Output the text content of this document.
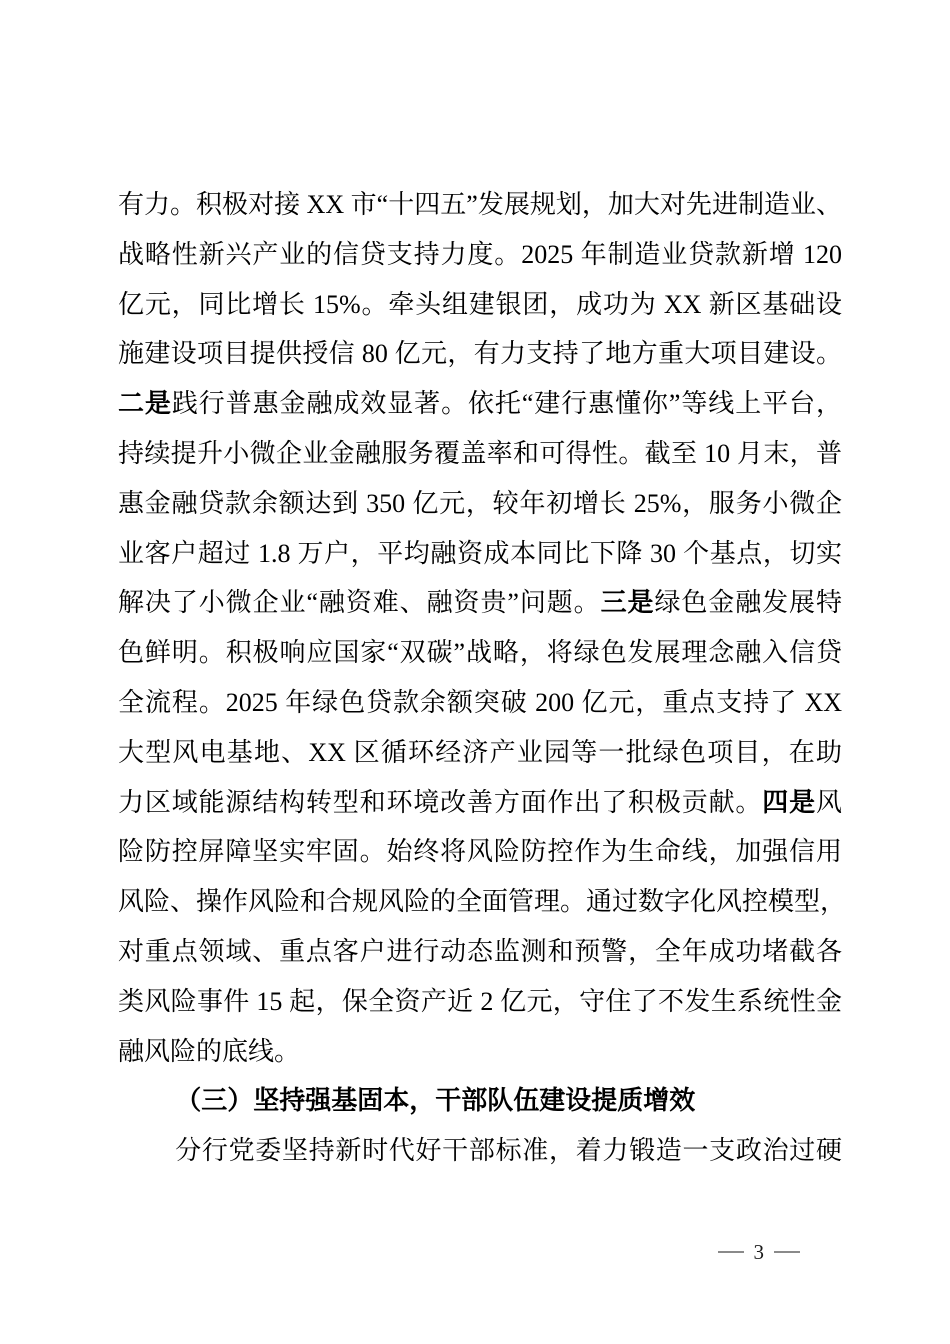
有力。积极对接 XX 市“十四五”发展规划，加大对先进制造业、
战略性新兴产业的信贷支持力度。2025 年制造业贷款新增 120
亿元，同比增长 15%。牵头组建银团，成功为 XX 新区基础设
施建设项目提供授信 80 亿元，有力支持了地方重大项目建设。
二是践行普惠金融成效显著。依托“建行惠懂你”等线上平台，
持续提升小微企业金融服务覆盖率和可得性。截至 10 月末，普
惠金融贷款余额达到 350 亿元，较年初增长 25%，服务小微企
业客户超过 1.8 万户，平均融资成本同比下降 30 个基点，切实
解决了小微企业“融资难、融资贵”问题。三是绿色金融发展特
色鲜明。积极响应国家“双碳”战略，将绿色发展理念融入信贷
全流程。2025 年绿色贷款余额突破 200 亿元，重点支持了 XX
大型风电基地、XX 区循环经济产业园等一批绿色项目，在助
力区域能源结构转型和环境改善方面作出了积极贡献。四是风
险防控屏障坚实牢固。始终将风险防控作为生命线，加强信用
风险、操作风险和合规风险的全面管理。通过数字化风控模型，
对重点领域、重点客户进行动态监测和预警，全年成功堵截各
类风险事件 15 起，保全资产近 2 亿元，守住了不发生系统性金
融风险的底线。
（三）坚持强基固本，干部队伍建设提质增效
分行党委坚持新时代好干部标准，着力锻造一支政治过硬
3
